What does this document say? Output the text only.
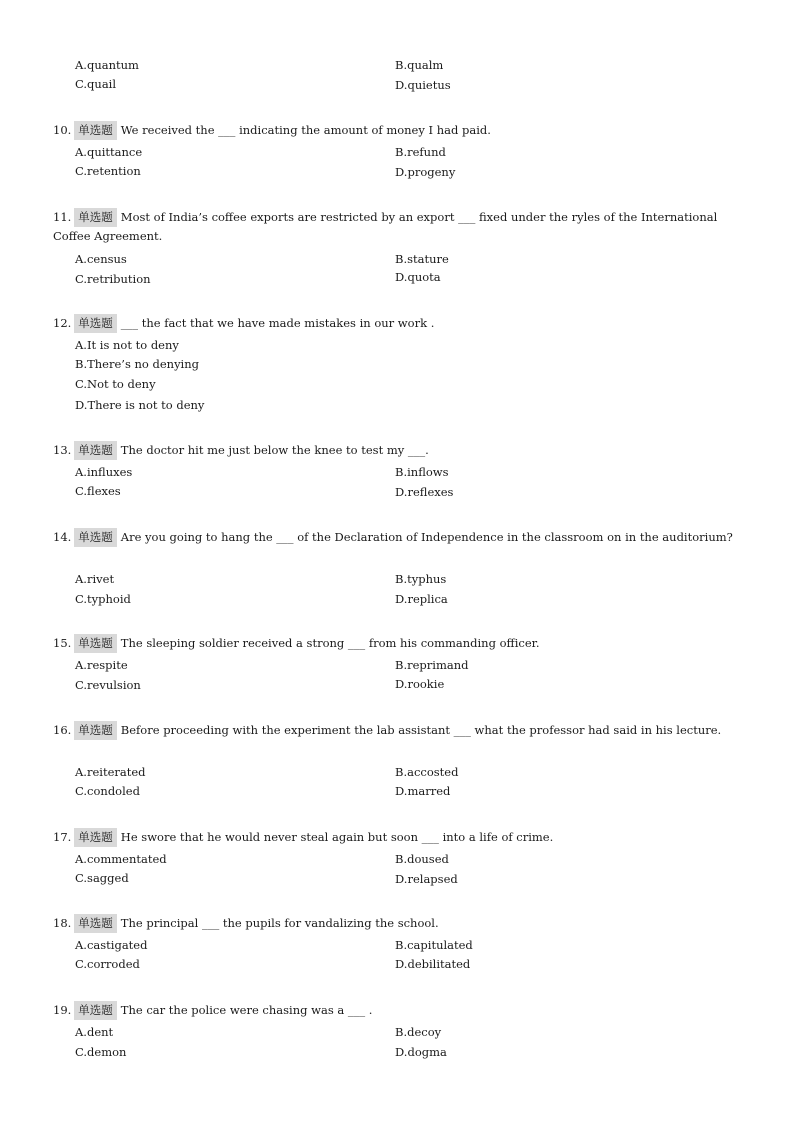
A.quantum	B.qualm
C.quail	D.quietus
10. 单选题 We received the ___ indicating the amount of money I had paid.
A.quittance	B.refund
C.retention	D.progeny
11. 单选题 Most of India’s coffee exports are restricted by an export ___ fixed under the ryles of the International   Coffee Agreement.
A.census	B.stature
C.retribution	D.quota
12. 单选题 ___ the fact that we have made mistakes in our work .
A.It is not to deny
B.There’s no denying
C.Not to deny
D.There is not to deny
13. 单选题 The doctor hit me just below the knee to test my ___.
A.influxes	B.inflows
C.flexes	D.reflexes
14. 单选题 Are you going to hang the ___ of the Declaration of Independence in the classroom on in the auditorium?
A.rivet	B.typhus
C.typhoid	D.replica
15. 单选题 The sleeping soldier received a strong ___ from his commanding officer.
A.respite	B.reprimand
C.revulsion	D.rookie
16. 单选题 Before proceeding with the experiment the lab assistant ___ what the professor had said in his lecture.
A.reiterated	B.accosted
C.condoled	D.marred
17. 单选题 He swore that he would never steal again but soon ___ into a life of crime.
A.commentated	B.doused
C.sagged	D.relapsed
18. 单选题 The principal ___ the pupils for vandalizing the school.
A.castigated	B.capitulated
C.corroded	D.debilitated
19. 单选题 The car the police were chasing was a ___ .
A.dent	B.decoy
C.demon	D.dogma
